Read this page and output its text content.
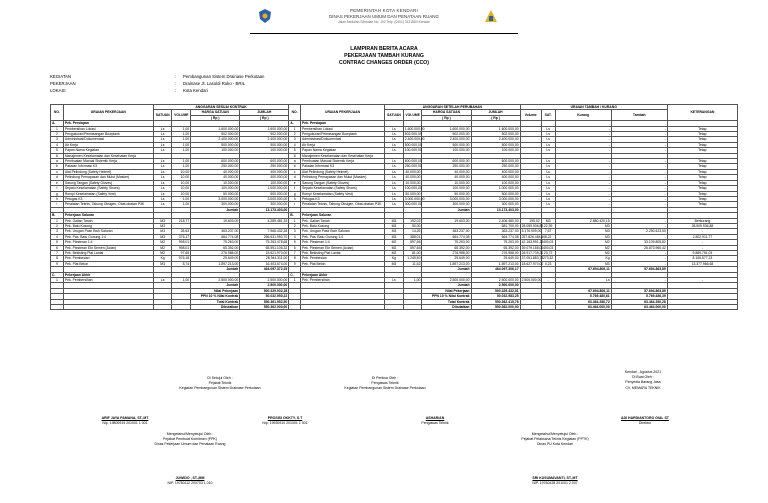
PEMERINTAH KOTA KENDARI
DINAS PEKERJAAN UMUM DAN PENATAAN RUANG
Jalan Abdullah Silondae No. 102 Telp. (0401) 3121883 Kendari
LAMPIRAN BERITA ACARA
PEKERJAAN TAMBAH KURANG
CONTRAC CHANGES ORDER (CCO)
KEGIATAN	:	Pembangunan Sistem Drainase Perkotaan
PEKERJAAN	:	Drainase Jl. Lasoldi Ruko - BRIL
LOKASI	:	Kota Kendari
NO.	URAIAN PEKERJAAN	ANGGARAN SESUAI KONTRAK				NO.	URAIAN PEKERJAAN	ANGGARAN SETELAH PERUBAHAN				URAIAN TAMBAH / KURANG				KETERANGAN
		SATUAN	VOLUME	HARGA SATUAN	JUMLAH			SATUAN	VOLUME	HARGA SATUAN	JUMLAH	Volume	SAT.	Kurang	Tambah	
				( Rp )	( Rp )					( Rp )	( Rp )					
A.	Pek. Persiapan					A.	Pek. Persiapan									
1	Pembersihan Lokasi	Ls	1,00	1.600.000,00	1.600.000,00	1	Pembersihan Lokasi	Ls	1.600.000,00	1.600.000,00	1.600.000,00	-	Ls	-	-	Tetap
2	Pengukuran/Pemasangan Bowplank	Ls	1,00	502.000,00	502.000,00	2	Pengukuran/Pemasangan Bowplank	Ls	502.000,00	502.000,00	502.000,00	-	Ls	-	-	Tetap
3	Administrasi/Dokumentasi	Ls	1,00	2.400.000,00	2.400.000,00	3	Administrasi/Dokumentasi	Ls	2.400.000,00	2.400.000,00	2.400.000,00	-	Ls	-	-	Tetap
4	Air Kerja	Ls	1,00	500.000,00	500.000,00	4	Air Kerja	Ls	500.000,00	500.000,00	500.000,00	-	Ls	-	-	Tetap
5	Papan Nama Kegiatan	Ls	1,00	100.000,00	100.000,00	5	Papan Nama Kegiatan	Ls	100.000,00	100.000,00	100.000,00	-	Ls	-	-	Tetap
6	Manajemen Keselamatan dan Kesehatan Kerja					6	Manajemen Keselamatan dan Kesehatan Kerja									
a	Pembuatan Manual Sistemik Kerja	Ls	1,00	600.000,00	600.000,00	a	Pembuatan Manual Sistemik Kerja	Ls	600.000,00	600.000,00	600.000,00	-	Ls	-	-	Tetap
b	Pakaian Informasi K3	Ls	1,00	250.000,00	250.000,00	b	Pakaian Informasi K3	Ls	250.000,00	250.000,00	250.000,00	-	Ls	-	-	Tetap
c	Alat Pelindung (Safety Helmet)	Ls	10,00	40.000,00	400.000,00	c	Alat Pelindung (Safety Helmet)	Ls	40.000,00	40.000,00	400.000,00	-	Ls	-	-	Tetap
d	Pelindung Pernapasan dan Mulut (Masker)	Ls	10,00	40.000,00	400.000,00	d	Pelindung Pernapasan dan Mulut (Masker)	Ls	40.000,00	40.000,00	400.000,00	-	Ls	-	-	Tetap
e	Sarung Tangan (Safety Gloves)	Ls	10,00	10.000,00	100.000,00	e	Sarung Tangan (Safety Gloves)	Ls	10.000,00	10.000,00	100.000,00	-	Ls	-	-	Tetap
f	Sepatu Keselamatan (Safety Shoes)	Ls	10,00	100.000,00	1.000.000,00	f	Sepatu Keselamatan (Safety Shoes)	Ls	100.000,00	100.000,00	1.000.000,00	-	Ls	-	-	Tetap
g	Rompi Keselamatan (Safety Vest)	Ls	10,00	50.000,00	500.000,00	g	Rompi Keselamatan (Safety Vest)	Ls	50.000,00	50.000,00	500.000,00	-	Ls	-	-	Tetap
h	Petugas K3	Ls	1,00	3.000.000,00	3.000.000,00	h	Petugas K3	Ls	3.000.000,00	3.000.000,00	3.000.000,00	-	Ls	-	-	Tetap
i	Peralatan Teknis, Tabung Oksigen, Obat-obatan P3K	Ls	1,00	300.000,00	300.000,00	i	Peralatan Teknis, Tabung Oksigen, Obat-obatan P3K	Ls	300.000,00	300.000,00	300.000,00	-	Ls	-	-	Tetap
				Jumlah	13.173.403,00					Jumlah	13.173.403,00					
B.	Pekerjaan Saluran					B.	Pekerjaan Saluran									
1	Pek. Galian Tanah	M3	218,77	19.603,00	4.289.481,33	1	Pek. Galian Tanah	M3	192,02	19.603,00	2.406.480,00	195,02	M3	2.880.420,15	-	Berkurang
2	Pek. Batu Kosong	M3				2	Pek. Batu Kosong	M3	50,00		581.700,00	28.059.936,88	22,99	M3	-	28.509.936,88
3	Pek. Urugan Pasir Bwh Saluran	M3	28,63	363.237,00	7.966.432,28	3	Pek. Urugan Pasir Bwh Saluran	M3	14,25	363.237,00	363.237,00	5.176.909,00	7,67	M3	2.290.423,50	-
4	Pek. Pas. Batu Gunung 1:4	M3	376,17	664.774,08	266.631.950,70	4	Pek. Pas. Batu Gunung 1:4	M3	388,01	664.774,08	664.774,08	257.826.484,40	8,22	M3	-	2.802.911,77
5	Pek. Plesteran 1:4	M2	998,01	75.263,00	75.263.478,68	5	Pek. Plesteran 1:4	M2	597,66	75.263,00	75.263,00	42.163.991,33	400,03	M2	33.109.805,82	-
6	Pek. Plesteran Ekr Semen (Acian)	M2	998,01	65.392,00	65.591.105,32	6	Pek. Plesteran Ekr Semen (Acian)	M2	597,66	65.392,00	65.392,00	39.079.185,00	400,03	M2	26.873.960,42	-
7	Pek. Bekisting Plat Lantai	M2	97,65	276.988,00	15.621.970,00	7	Pek. Bekisting Plat Lantai	M2	81,00	276.988,00	276.988,00	28.917.739,20	23,73	M2	-	9.889.751,03
8	Pek. Pembesian	Kg	976,18	29.649,00	28.944.311,00	8	Pek. Pembesian	Kg	1.249,50	29.649,00	29.649,00	37.051.883,78	273,32	Kg	-	8.106.577,23
9	Pek. Plat Beton	M3	8,74	1.897.213,00	16.403.674,00	9	Pek. Plat Beton	M3	11,62	1.897.213,00	1.897.213,00	18.627.970,00	0,23	M3	-	13.377.966,68
				Jumlah	464.097.372,25					Jumlah	464.097.306,17			67.694.806,11	57.694.863,89	
C.	Pekerjaan Akhir					C.	Pekerjaan Akhir									
1	Pek. Pembersihan	Ls	1,00	2.500.000,00	2.500.000,00	1	Pek. Pembersihan	Ls	1,00	2.500.000,00	2.500.000,00	2.500.000,00	-	Ls	-	-
				Jumlah	2.500.000,00					Jumlah	2.500.000,00					
				Nilai Pekerjaan	500.329.002,28					Nilai Pekerjaan	500.329.432,51			67.694.806,11	57.694.863,89	
				PPN 10 % Nilai Kontrak	50.032.950,22					PPN 10 % Nilai Kontrak	50.032.983,25			5.769.480,61	5.769.486,39	
				Total Kontrak	550.361.952,50					Total Kontrak	550.362.415,76			63.464.286,72	63.464.350,28	
				Dibulatkan	550.362.000,00					Dibulatkan	550.362.000,00			63.464.000,00	63.464.000,00	
Di Setujui Oleh :
Pejabat Teknik
Kegiatan Pembangunan Sistem Drainase Perkotaan
Di Periksa Oleh :
Pengawas Teknik
Kegiatan Pembangunan Sistem Drainase Perkotaan
Kendari , Agustus 2021
Di Buat Oleh :
Penyedia Barang Jasa
CV. MEMARA TEKNIK
ARIF JAYA PAMANA, ST.,MT
Nip. 19800919 201001 1 001
PROSISI OKKTY, S.T
Nip. 19930910 201001 1 001
ASHAR/AN
Pengawas Teknik
ADI HARDIANTORO GIAL ST
Direktur
Mengetahui/Menyetujui Oleh :
Pejabat Pembuat Komitmen (PPK)
Dinas Pekerjaan Umum dan Penataan Ruang
Mengetahui/Menyetujui Oleh :
Pejabat Pelaksana Teknis Kegiatan (PPTK)
Dinas PU Kota Kendari
JUWIDO , ST.,MM
NIP. 19780112 200703 1 010
SRI KUSUMAVANTI, ST.,MT
NIP. 19760428 201001 2 007
